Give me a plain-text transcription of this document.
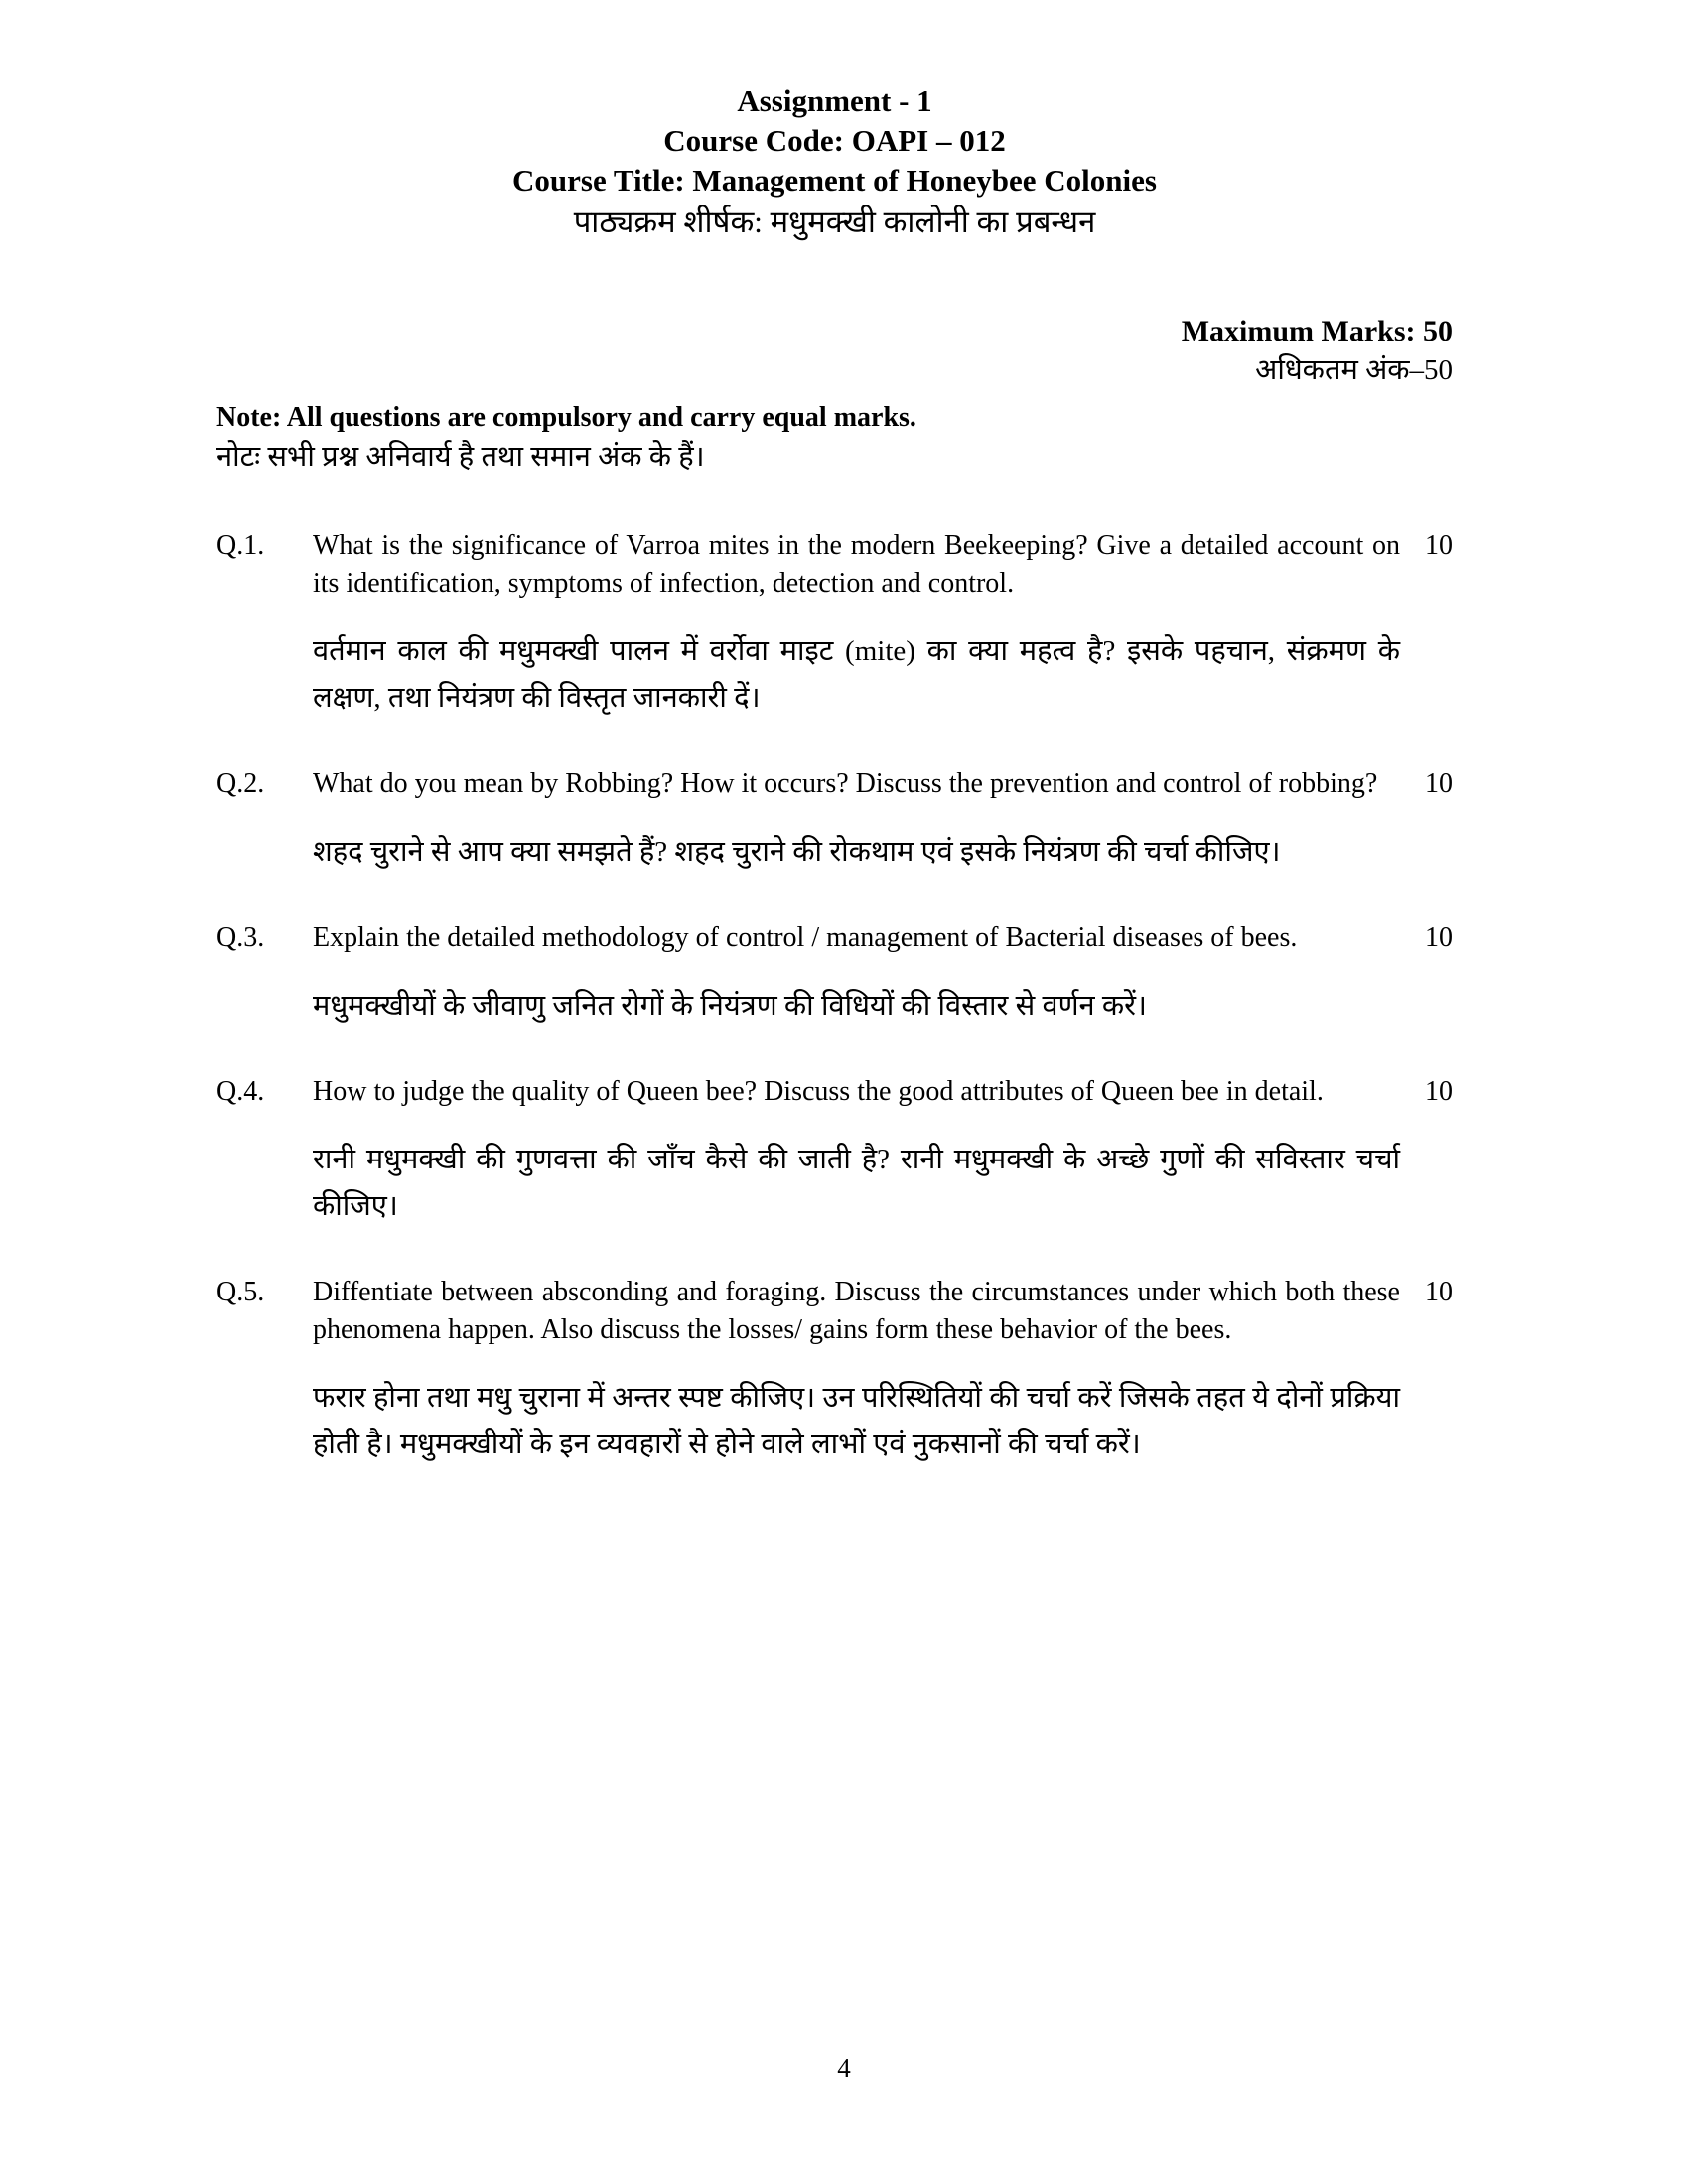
Assignment - 1
Course Code: OAPI – 012
Course Title: Management of Honeybee Colonies
पाठ्यक्रम शीर्षक: मधुमक्खी कालोनी का प्रबन्धन
Maximum Marks: 50
अधिकतम अंक–50
Note: All questions are compulsory and carry equal marks.
नोटः सभी प्रश्न अनिवार्य है तथा समान अंक के हैं।
Q.1.	What is the significance of Varroa mites in the modern Beekeeping? Give a detailed account on its identification, symptoms of infection, detection and control.

वर्तमान काल की मधुमक्खी पालन में वर्रोवा माइट (mite) का क्या महत्व है? इसके पहचान, संक्रमण के लक्षण, तथा नियंत्रण की विस्तृत जानकारी दें।

10
Q.2.	What do you mean by Robbing? How it occurs? Discuss the prevention and control of robbing?

शहद चुराने से आप क्या समझते हैं? शहद चुराने की रोकथाम एवं इसके नियंत्रण की चर्चा कीजिए।

10
Q.3.	Explain the detailed methodology of control / management of Bacterial diseases of bees.

मधुमक्खीयों के जीवाणु जनित रोगों के नियंत्रण की विधियों की विस्तार से वर्णन करें।

10
Q.4.	How to judge the quality of Queen bee? Discuss the good attributes of Queen bee in detail.

रानी मधुमक्खी की गुणवत्ता की जाँच कैसे की जाती है? रानी मधुमक्खी के अच्छे गुणों की सविस्तार चर्चा कीजिए।

10
Q.5.	Diffentiate between absconding and foraging. Discuss the circumstances under which both these phenomena happen. Also discuss the losses/ gains form these behavior of the bees.

फरार होना तथा मधु चुराना में अन्तर स्पष्ट कीजिए। उन परिस्थितियों की चर्चा करें जिसके तहत ये दोनों प्रक्रिया होती है। मधुमक्खीयों के इन व्यवहारों से होने वाले लाभों एवं नुकसानों की चर्चा करें।

10
4
